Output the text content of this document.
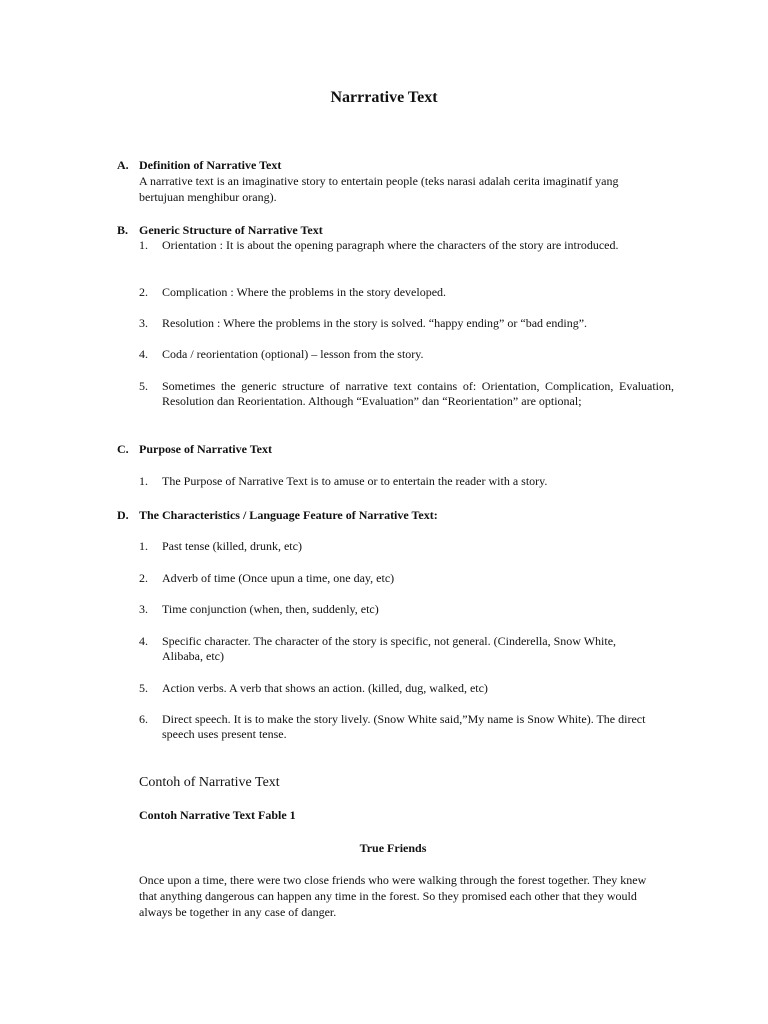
Narrrative Text
A. Definition of Narrative Text
A narrative text is an imaginative story to entertain people (teks narasi adalah cerita imaginatif yang bertujuan menghibur orang).
B. Generic Structure of Narrative Text
1.	Orientation : It is about the opening paragraph where the characters of the story are introduced.
2.	Complication : Where the problems in the story developed.
3.	Resolution : Where the problems in the story is solved. “happy ending” or “bad ending”.
4.	Coda / reorientation (optional) – lesson from the story.
5.	Sometimes the generic structure of narrative text contains of: Orientation, Complication, Evaluation, Resolution dan Reorientation. Although “Evaluation” dan “Reorientation” are optional;
C. Purpose of Narrative Text
1.	The Purpose of Narrative Text is to amuse or to entertain the reader with a story.
D. The Characteristics / Language Feature of Narrative Text:
1.	Past tense (killed, drunk, etc)
2.	Adverb of time (Once upun a time, one day, etc)
3.	Time conjunction (when, then, suddenly, etc)
4.	Specific character. The character of the story is specific, not general. (Cinderella, Snow White, Alibaba, etc)
5.	Action verbs. A verb that shows an action. (killed, dug, walked, etc)
6.	Direct speech. It is to make the story lively. (Snow White said,”My name is Snow White). The direct speech uses present tense.
Contoh of Narrative Text
Contoh Narrative Text Fable 1
True Friends
Once upon a time, there were two close friends who were walking through the forest together. They knew that anything dangerous can happen any time in the forest. So they promised each other that they would always be together in any case of danger.
